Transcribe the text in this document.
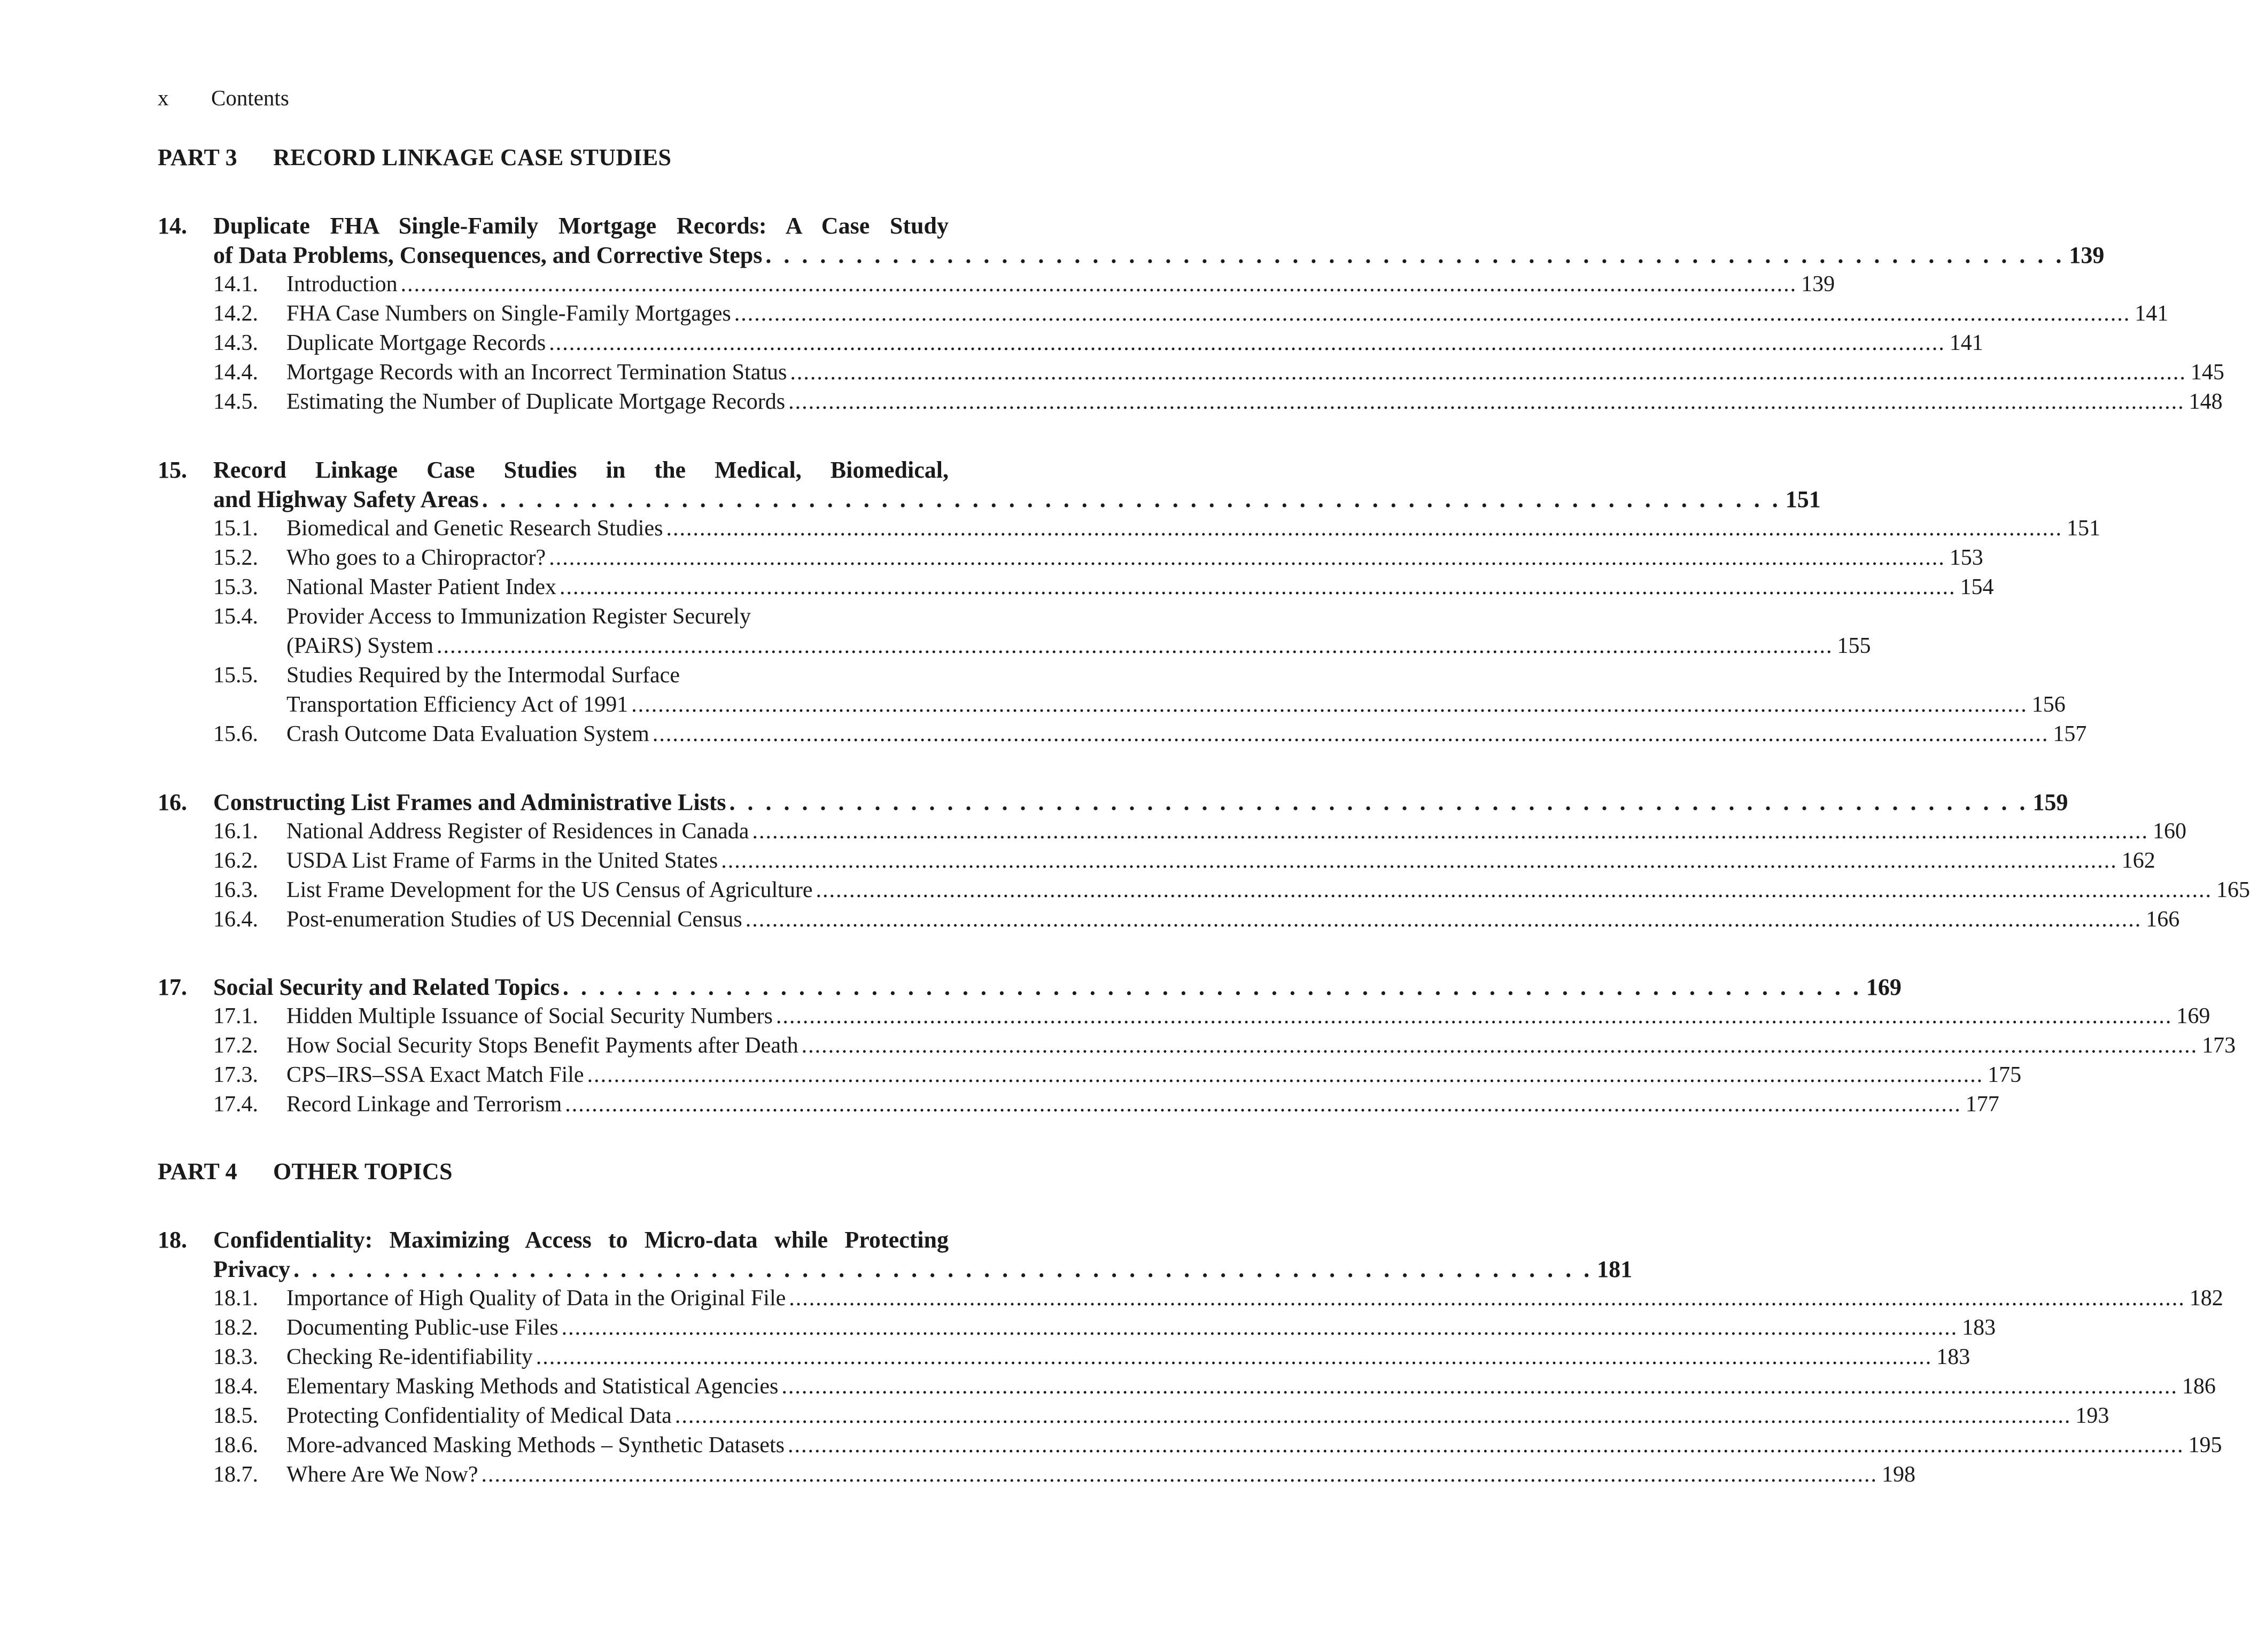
x Contents
PART 3 RECORD LINKAGE CASE STUDIES
14. Duplicate FHA Single-Family Mortgage Records: A Case Study
of Data Problems, Consequences, and Corrective Steps . . . . . . . . . . . . . . . . . . . . . . . . . . . . . . . . . . . . . . . . . . . . . . . . . . . . . . . . . . . . . . . . . . . . . . . . 139
14.1. Introduction ................................................................................................................................................................................................................. 139
14.2. FHA Case Numbers on Single-Family Mortgages ................................................................................................................................................................................................................. 141
14.3. Duplicate Mortgage Records ................................................................................................................................................................................................................. 141
14.4. Mortgage Records with an Incorrect Termination Status ................................................................................................................................................................................................................. 145
14.5. Estimating the Number of Duplicate Mortgage Records ................................................................................................................................................................................................................. 148
15. Record Linkage Case Studies in the Medical, Biomedical,
and Highway Safety Areas . . . . . . . . . . . . . . . . . . . . . . . . . . . . . . . . . . . . . . . . . . . . . . . . . . . . . . . . . . . . . . . . . . . . . . . . 151
15.1. Biomedical and Genetic Research Studies ................................................................................................................................................................................................................. 151
15.2. Who goes to a Chiropractor? ................................................................................................................................................................................................................. 153
15.3. National Master Patient Index ................................................................................................................................................................................................................. 154
15.4. Provider Access to Immunization Register Securely
(PAiRS) System ................................................................................................................................................................................................................. 155
15.5. Studies Required by the Intermodal Surface
Transportation Efficiency Act of 1991 ................................................................................................................................................................................................................. 156
15.6. Crash Outcome Data Evaluation System ................................................................................................................................................................................................................. 157
16. Constructing List Frames and Administrative Lists . . . . . . . . . . . . . . . . . . . . . . . . . . . . . . . . . . . . . . . . . . . . . . . . . . . . . . . . . . . . . . . . . . . . . . . . 159
16.1. National Address Register of Residences in Canada ................................................................................................................................................................................................................. 160
16.2. USDA List Frame of Farms in the United States ................................................................................................................................................................................................................. 162
16.3. List Frame Development for the US Census of Agriculture ................................................................................................................................................................................................................. 165
16.4. Post-enumeration Studies of US Decennial Census ................................................................................................................................................................................................................. 166
17. Social Security and Related Topics . . . . . . . . . . . . . . . . . . . . . . . . . . . . . . . . . . . . . . . . . . . . . . . . . . . . . . . . . . . . . . . . . . . . . . . . 169
17.1. Hidden Multiple Issuance of Social Security Numbers ................................................................................................................................................................................................................. 169
17.2. How Social Security Stops Benefit Payments after Death ................................................................................................................................................................................................................. 173
17.3. CPS–IRS–SSA Exact Match File ................................................................................................................................................................................................................. 175
17.4. Record Linkage and Terrorism ................................................................................................................................................................................................................. 177
PART 4 OTHER TOPICS
18. Confidentiality: Maximizing Access to Micro-data while Protecting
Privacy . . . . . . . . . . . . . . . . . . . . . . . . . . . . . . . . . . . . . . . . . . . . . . . . . . . . . . . . . . . . . . . . . . . . . . . . 181
18.1. Importance of High Quality of Data in the Original File ................................................................................................................................................................................................................. 182
18.2. Documenting Public-use Files ................................................................................................................................................................................................................. 183
18.3. Checking Re-identifiability ................................................................................................................................................................................................................. 183
18.4. Elementary Masking Methods and Statistical Agencies ................................................................................................................................................................................................................. 186
18.5. Protecting Confidentiality of Medical Data ................................................................................................................................................................................................................. 193
18.6. More-advanced Masking Methods – Synthetic Datasets ................................................................................................................................................................................................................. 195
18.7. Where Are We Now? ................................................................................................................................................................................................................. 198
